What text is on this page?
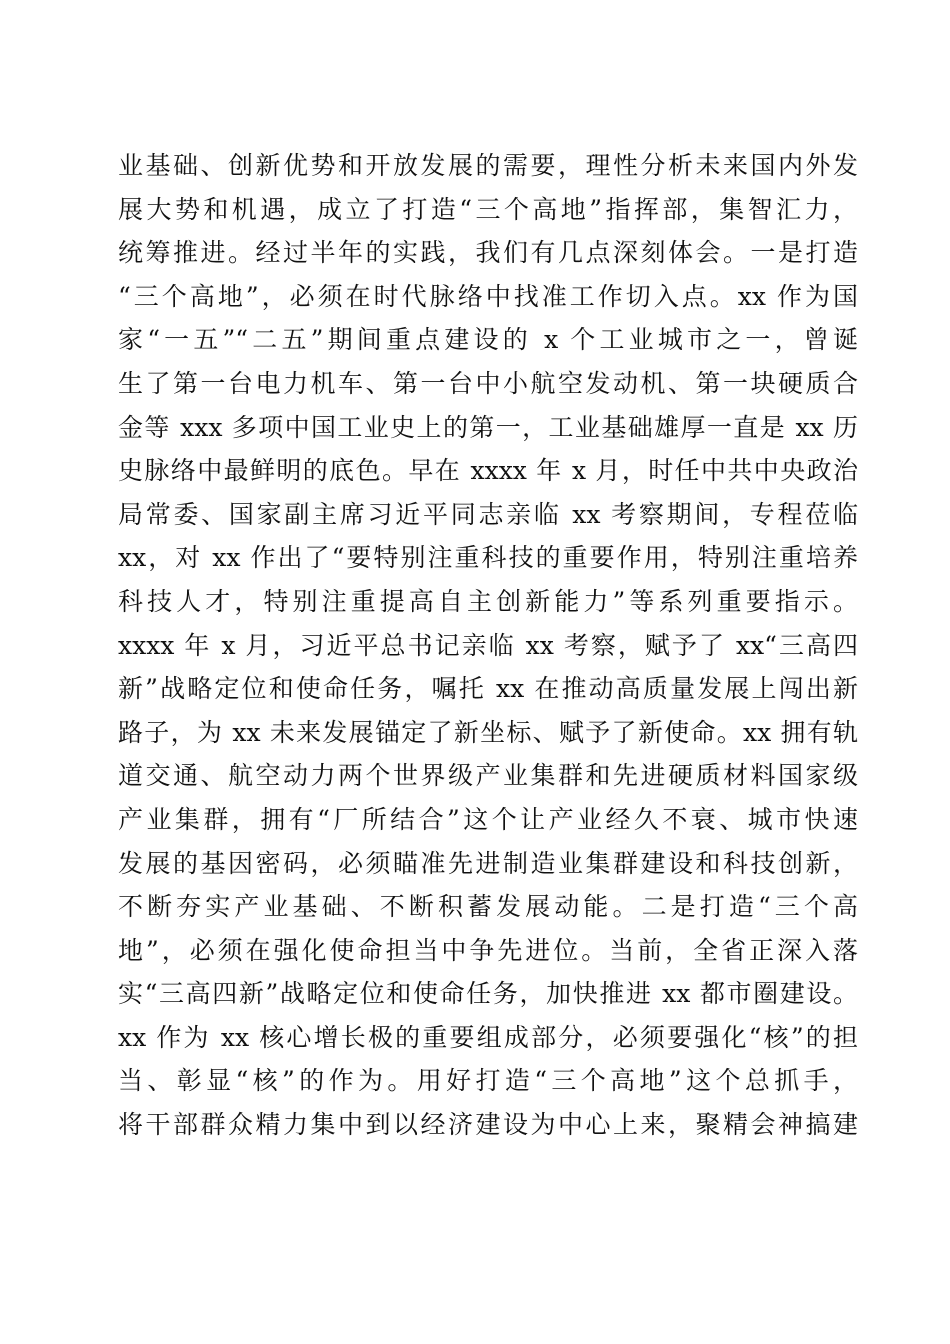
业基础、创新优势和开放发展的需要，理性分析未来国内外发
展大势和机遇，成立了打造“三个高地”指挥部，集智汇力，
统筹推进。经过半年的实践，我们有几点深刻体会。一是打造
“三个高地”，必须在时代脉络中找准工作切入点。xx 作为国
家“一五”“二五”期间重点建设的 x 个工业城市之一，曾诞
生了第一台电力机车、第一台中小航空发动机、第一块硬质合
金等 xxx 多项中国工业史上的第一，工业基础雄厚一直是 xx 历
史脉络中最鲜明的底色。早在 xxxx 年 x 月，时任中共中央政治
局常委、国家副主席习近平同志亲临 xx 考察期间，专程莅临
xx，对 xx 作出了“要特别注重科技的重要作用，特别注重培养
科技人才，特别注重提高自主创新能力”等系列重要指示。
xxxx 年 x 月，习近平总书记亲临 xx 考察，赋予了 xx“三高四
新”战略定位和使命任务，嘱托 xx 在推动高质量发展上闯出新
路子，为 xx 未来发展锚定了新坐标、赋予了新使命。xx 拥有轨
道交通、航空动力两个世界级产业集群和先进硬质材料国家级
产业集群，拥有“厂所结合”这个让产业经久不衰、城市快速
发展的基因密码，必须瞄准先进制造业集群建设和科技创新，
不断夯实产业基础、不断积蓄发展动能。二是打造“三个高
地”，必须在强化使命担当中争先进位。当前，全省正深入落
实“三高四新”战略定位和使命任务，加快推进 xx 都市圈建设。
xx 作为 xx 核心增长极的重要组成部分，必须要强化“核”的担
当、彰显“核”的作为。用好打造“三个高地”这个总抓手，
将干部群众精力集中到以经济建设为中心上来，聚精会神搞建
